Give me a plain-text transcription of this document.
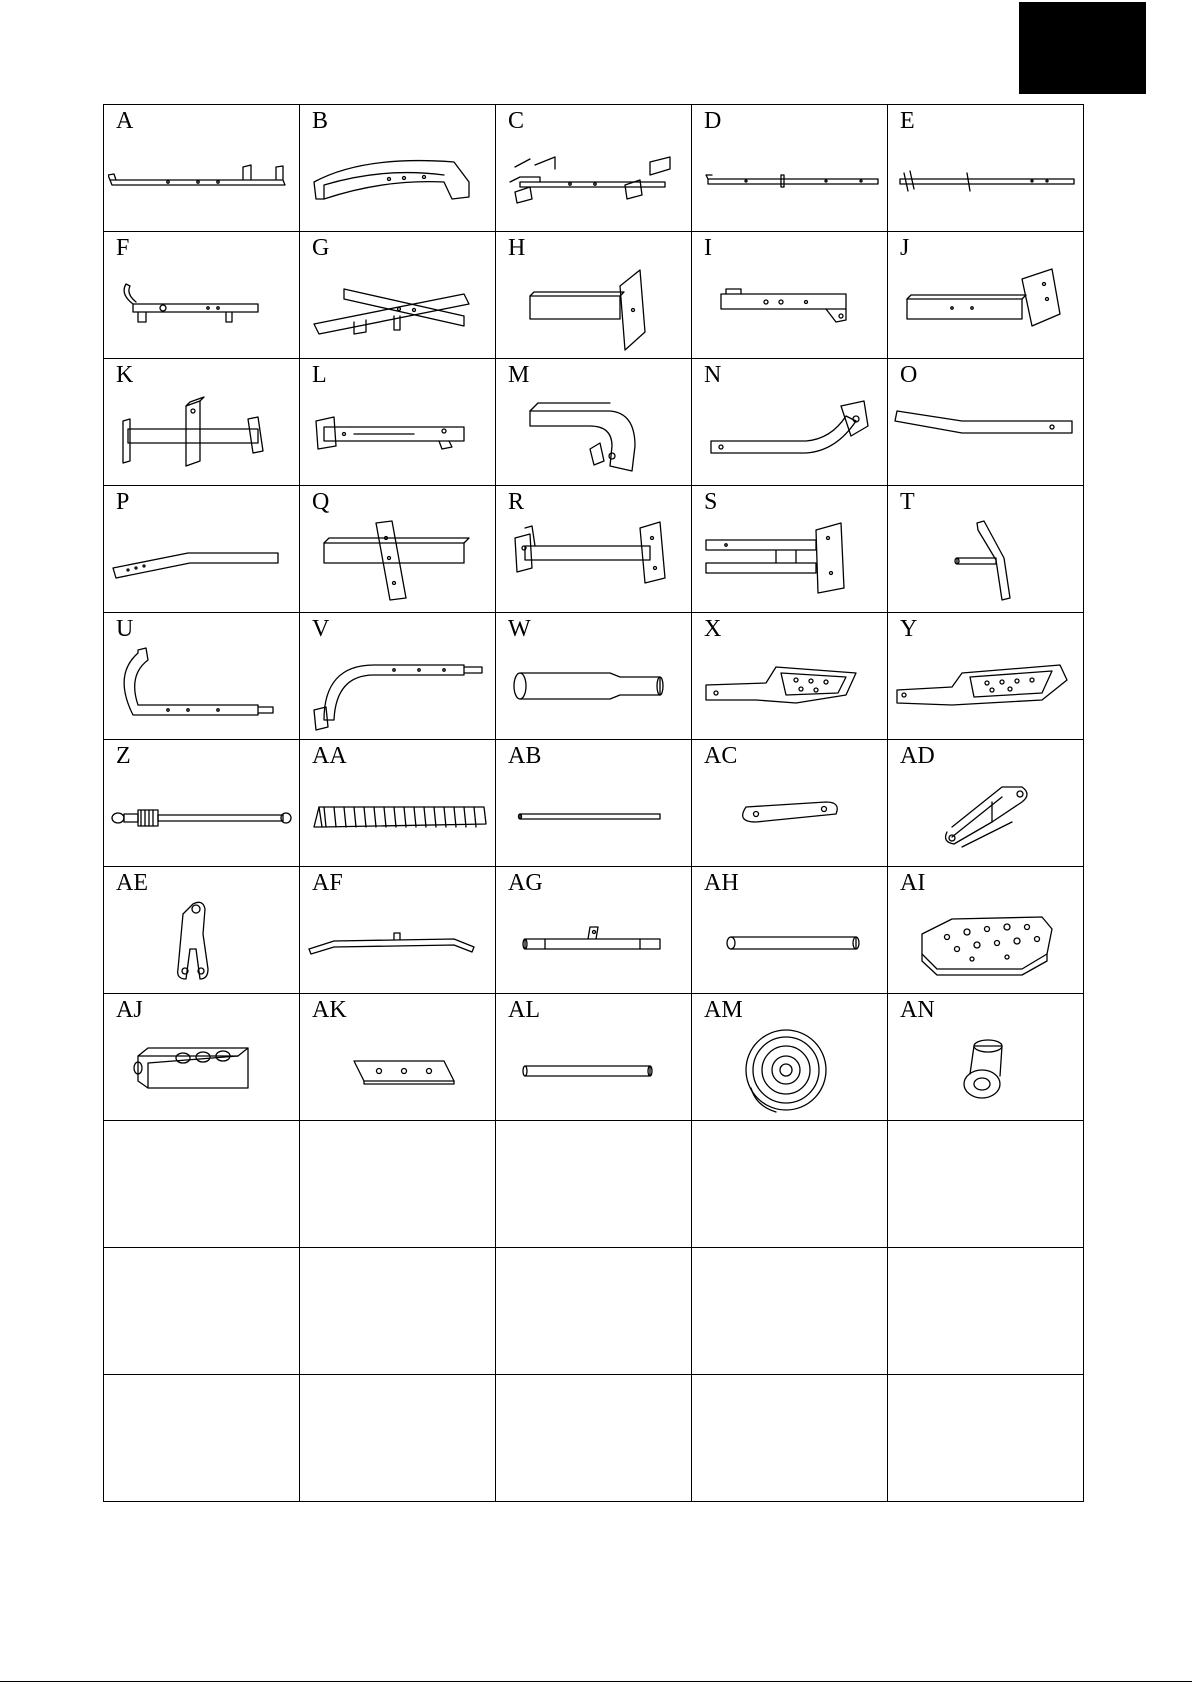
A	B	C	D	E

F	G	H	I	J

K	L	M	N	O

P	Q	R	S	T

U	V	W	X	Y

Z	AA	AB	AC	AD

AE	AF	AG	AH	AI

AJ	AK	AL	AM	AN
